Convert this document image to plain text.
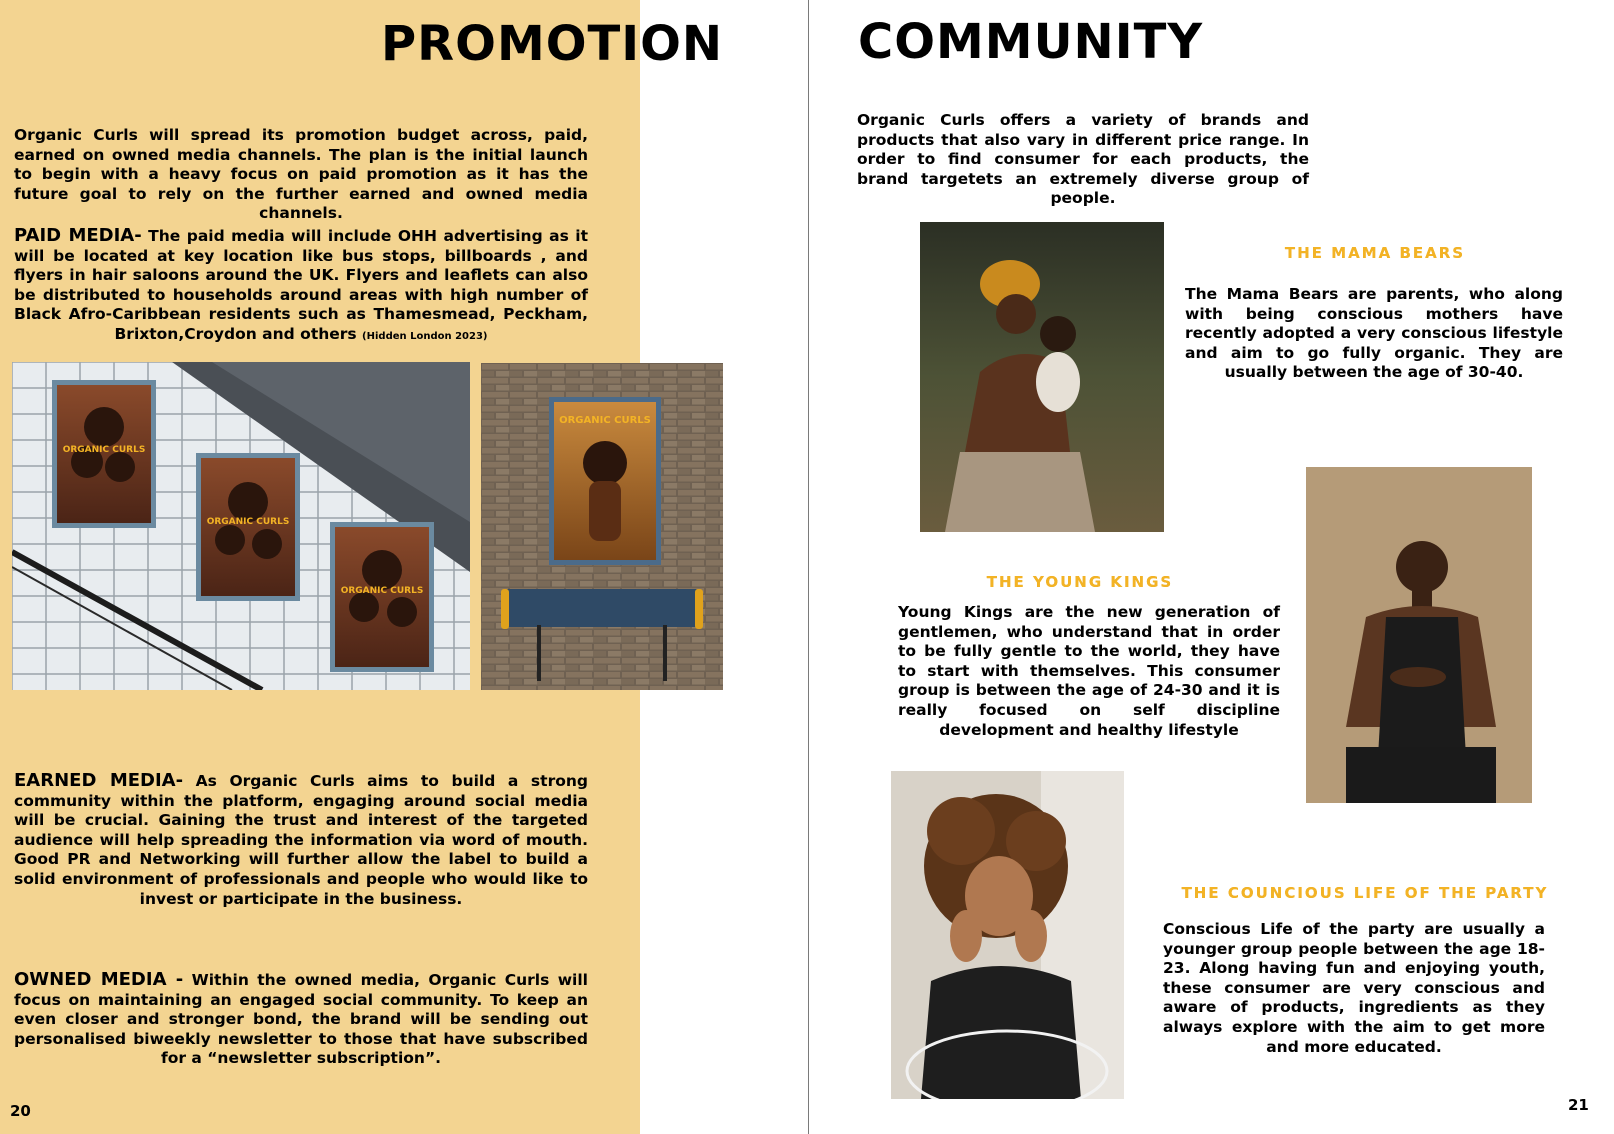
PROMOTION

Organic Curls will spread its promotion budget across, paid, earned on owned media channels. The plan is the initial launch to begin with a heavy focus on paid promotion as it has the future goal to rely on the further earned and owned media channels.

PAID MEDIA- The paid media will include OHH advertising as it will be located at key location like bus stops, billboards , and flyers in hair saloons around the UK. Flyers and leaflets can also be distributed to households around areas with high number of Black Afro-Caribbean residents such as Thamesmead, Peckham, Brixton,Croydon and others (Hidden London 2023)

ORGANIC CURLS
ORGANIC CURLS
ORGANIC CURLS
ORGANIC CURLS

EARNED MEDIA- As Organic Curls aims to build a strong community within the platform, engaging around social media will be crucial. Gaining the trust and interest of the targeted audience will help spreading the information via word of mouth. Good PR and Networking will further allow the label to build a solid environment of professionals and people who would like to invest or participate in the business.

OWNED MEDIA - Within the owned media, Organic Curls will focus on maintaining an engaged social community. To keep an even closer and stronger bond, the brand will be sending out personalised biweekly newsletter to those that have subscribed for a “newsletter subscription”.

20

COMMUNITY

Organic Curls offers a variety of brands and products that also vary in different price range. In order to find consumer for each products, the brand targetets an extremely diverse group of people.

THE MAMA BEARS

The Mama Bears are parents, who along with being conscious mothers have recently adopted a very conscious lifestyle and aim to go fully organic. They are usually between the age of 30-40.

THE YOUNG KINGS

Young Kings are the new generation of gentlemen, who understand that in order to be fully gentle to the world, they have to start with themselves. This consumer group is between the age of 24-30 and it is really focused on self discipline development and healthy lifestyle

THE COUNCIOUS LIFE OF THE PARTY

Conscious Life of the party are usually a younger group people between the age 18- 23. Along having fun and enjoying youth, these consumer are very conscious and aware of products, ingredients as they always explore with the aim to get more and more educated.

21
